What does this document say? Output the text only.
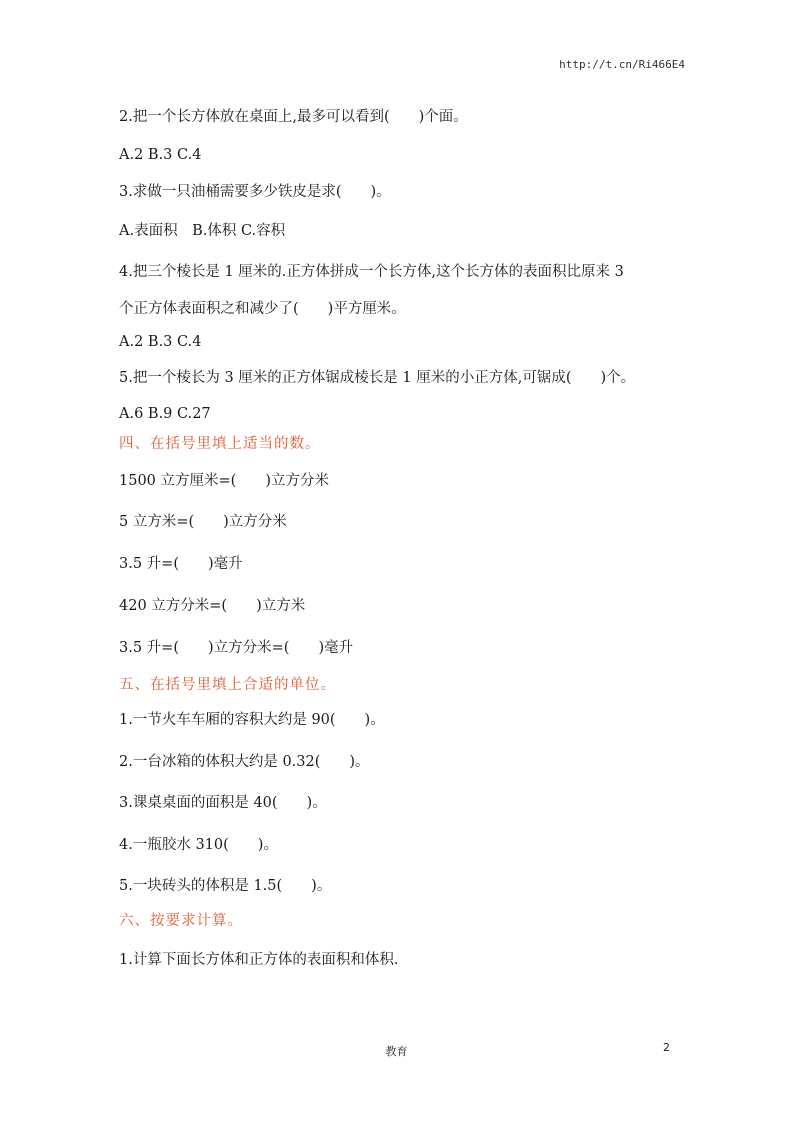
http://t.cn/Ri466E4
2.把一个长方体放在桌面上,最多可以看到(　　)个面。
A.2 B.3 C.4
3.求做一只油桶需要多少铁皮是求(　　)。
A.表面积　B.体积 C.容积
4.把三个棱长是 1 厘米的.正方体拼成一个长方体,这个长方体的表面积比原来 3
个正方体表面积之和减少了(　　)平方厘米。
A.2 B.3 C.4
5.把一个棱长为 3 厘米的正方体锯成棱长是 1 厘米的小正方体,可锯成(　　)个。
A.6 B.9 C.27
四、在括号里填上适当的数。
1500 立方厘米=(　　)立方分米
5 立方米=(　　)立方分米
3.5 升=(　　)毫升
420 立方分米=(　　)立方米
3.5 升=(　　)立方分米=(　　)毫升
五、在括号里填上合适的单位。
1.一节火车车厢的容积大约是 90(　　)。
2.一台冰箱的体积大约是 0.32(　　)。
3.课桌桌面的面积是 40(　　)。
4.一瓶胶水 310(　　)。
5.一块砖头的体积是 1.5(　　)。
六、按要求计算。
1.计算下面长方体和正方体的表面积和体积.
教育	2
